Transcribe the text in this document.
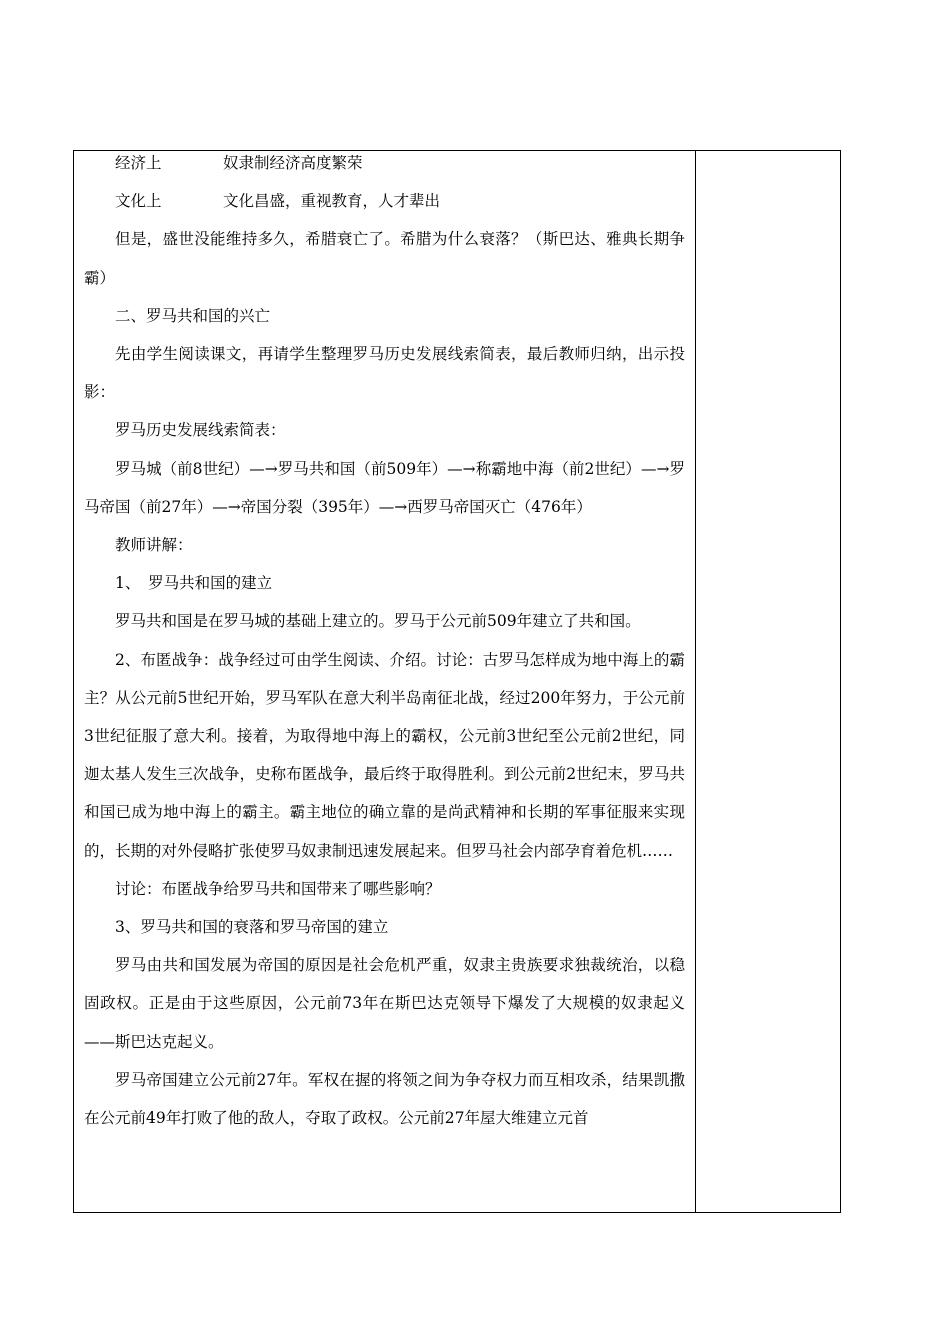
经济上	奴隶制经济高度繁荣
文化上	文化昌盛，重视教育，人才辈出

但是，盛世没能维持多久，希腊衰亡了。希腊为什么衰落？（斯巴达、雅典长期争霸）

二、罗马共和国的兴亡

先由学生阅读课文，再请学生整理罗马历史发展线索简表，最后教师归纳，出示投影：

罗马历史发展线索简表：

罗马城（前8世纪）—→罗马共和国（前509年）—→称霸地中海（前2世纪）—→罗马帝国（前27年）—→帝国分裂（395年）—→西罗马帝国灭亡（476年）

教师讲解：

1、　罗马共和国的建立

罗马共和国是在罗马城的基础上建立的。罗马于公元前509年建立了共和国。

2、布匿战争：战争经过可由学生阅读、介绍。讨论：古罗马怎样成为地中海上的霸主？从公元前5世纪开始，罗马军队在意大利半岛南征北战，经过200年努力，于公元前3世纪征服了意大利。接着，为取得地中海上的霸权，公元前3世纪至公元前2世纪，同迦太基人发生三次战争，史称布匿战争，最后终于取得胜利。到公元前2世纪末，罗马共和国已成为地中海上的霸主。霸主地位的确立靠的是尚武精神和长期的军事征服来实现的，长期的对外侵略扩张使罗马奴隶制迅速发展起来。但罗马社会内部孕育着危机……

讨论：布匿战争给罗马共和国带来了哪些影响？

3、罗马共和国的衰落和罗马帝国的建立

罗马由共和国发展为帝国的原因是社会危机严重，奴隶主贵族要求独裁统治，以稳固政权。正是由于这些原因，公元前73年在斯巴达克领导下爆发了大规模的奴隶起义——斯巴达克起义。

罗马帝国建立公元前27年。军权在握的将领之间为争夺权力而互相攻杀，结果凯撒在公元前49年打败了他的敌人，夺取了政权。公元前27年屋大维建立元首
